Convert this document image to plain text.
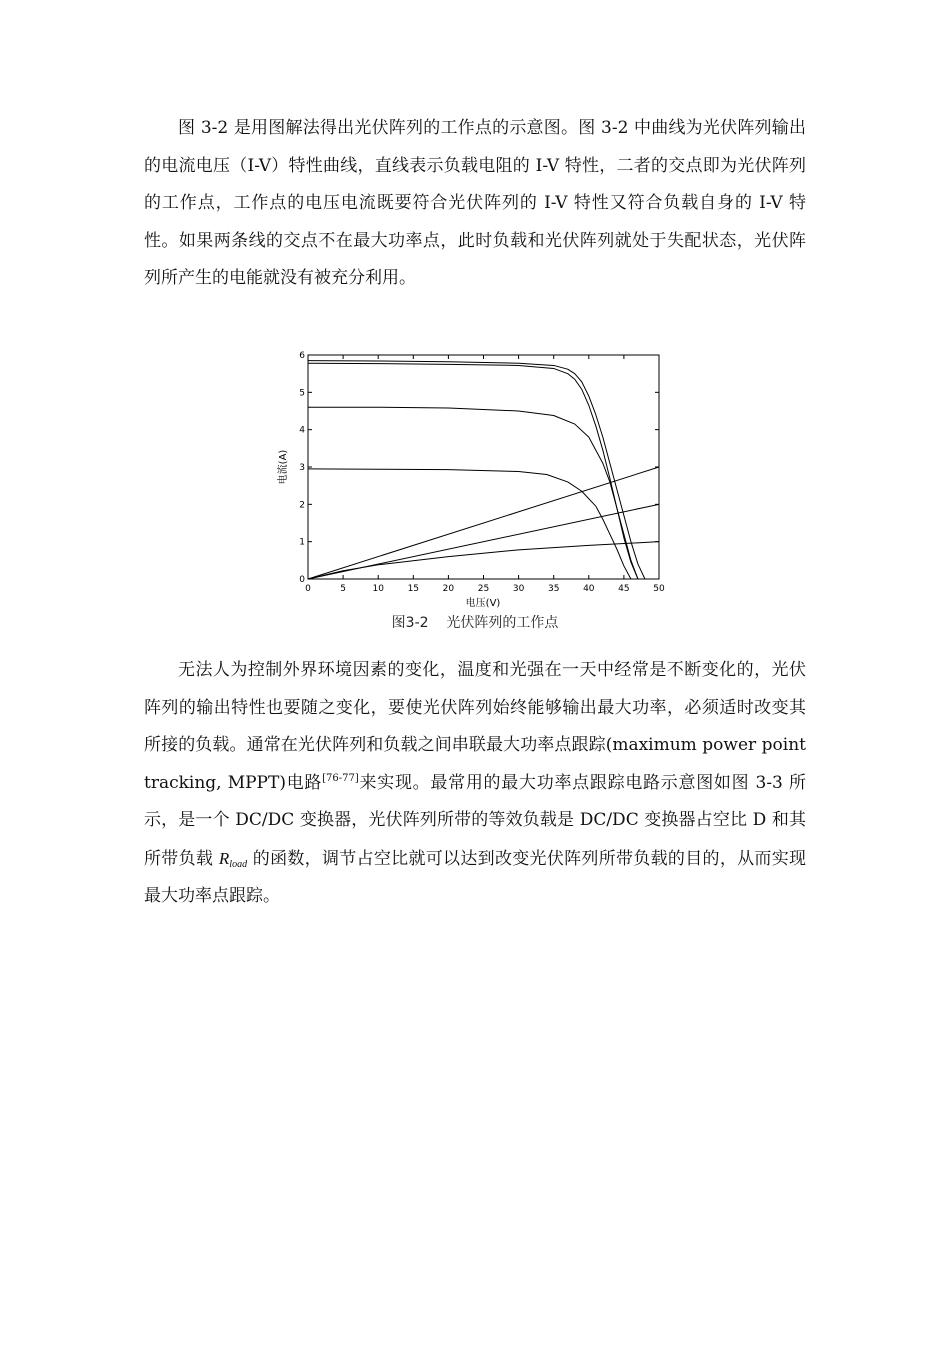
图 3-2 是用图解法得出光伏阵列的工作点的示意图。图 3-2 中曲线为光伏阵列输出的电流电压（I-V）特性曲线，直线表示负载电阻的 I-V 特性，二者的交点即为光伏阵列的工作点，工作点的电压电流既要符合光伏阵列的 I-V 特性又符合负载自身的 I-V 特性。如果两条线的交点不在最大功率点，此时负载和光伏阵列就处于失配状态，光伏阵列所产生的电能就没有被充分利用。

0	5	10	15	20	25	30	35	40	45	50
0
1
2
3
4
5
6
电压(V)
电流(A)
图3-2 光伏阵列的工作点

无法人为控制外界环境因素的变化，温度和光强在一天中经常是不断变化的，光伏阵列的输出特性也要随之变化，要使光伏阵列始终能够输出最大功率，必须适时改变其所接的负载。通常在光伏阵列和负载之间串联最大功率点跟踪(maximum power point tracking, MPPT)电路[76-77]来实现。最常用的最大功率点跟踪电路示意图如图 3-3 所示，是一个 DC/DC 变换器，光伏阵列所带的等效负载是 DC/DC 变换器占空比 D 和其所带负载 $R_{load}$ 的函数，调节占空比就可以达到改变光伏阵列所带负载的目的，从而实现最大功率点跟踪。
